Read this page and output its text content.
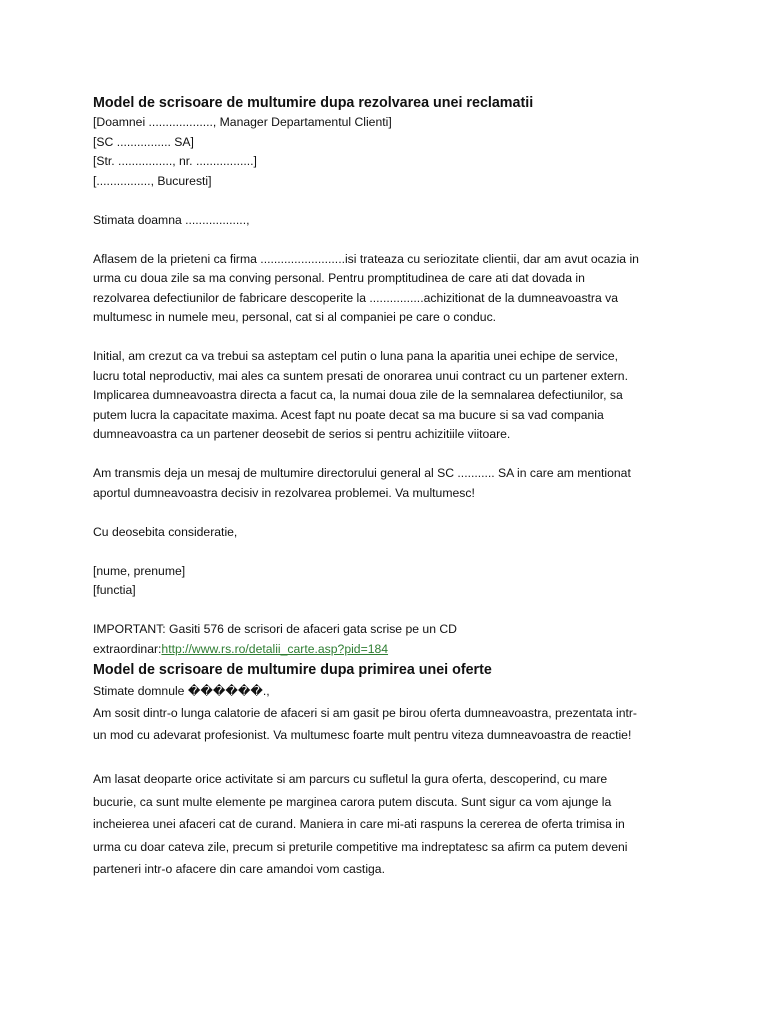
Model de scrisoare de multumire dupa rezolvarea unei reclamatii

[Doamnei ..................., Manager Departamentul Clienti]

[SC ................ SA]

[Str. ................, nr. .................]

[................, Bucuresti]

Stimata doamna ..................,

Aflasem de la prieteni ca firma .........................isi trateaza cu seriozitate clientii, dar am avut ocazia in
urma cu doua zile sa ma conving personal. Pentru promptitudinea de care ati dat dovada in
rezolvarea defectiunilor de fabricare descoperite la ................achizitionat de la dumneavoastra va
multumesc in numele meu, personal, cat si al companiei pe care o conduc.

Initial, am crezut ca va trebui sa asteptam cel putin o luna pana la aparitia unei echipe de service,
lucru total neproductiv, mai ales ca suntem presati de onorarea unui contract cu un partener extern.
Implicarea dumneavoastra directa a facut ca, la numai doua zile de la semnalarea defectiunilor, sa
putem lucra la capacitate maxima. Acest fapt nu poate decat sa ma bucure si sa vad compania
dumneavoastra ca un partener deosebit de serios si pentru achizitiile viitoare.

Am transmis deja un mesaj de multumire directorului general al SC ........... SA in care am mentionat
aportul dumneavoastra decisiv in rezolvarea problemei. Va multumesc!

Cu deosebita consideratie,

[nume, prenume]

[functia]

IMPORTANT: Gasiti 576 de scrisori de afaceri gata scrise pe un CD

extraordinar:http://www.rs.ro/detalii_carte.asp?pid=184

Model de scrisoare de multumire dupa primirea unei oferte

Stimate domnule ������.,

Am sosit dintr-o lunga calatorie de afaceri si am gasit pe birou oferta dumneavoastra, prezentata intr-
un mod cu adevarat profesionist. Va multumesc foarte mult pentru viteza dumneavoastra de reactie!

Am lasat deoparte orice activitate si am parcurs cu sufletul la gura oferta, descoperind, cu mare
bucurie, ca sunt multe elemente pe marginea carora putem discuta. Sunt sigur ca vom ajunge la
incheierea unei afaceri cat de curand. Maniera in care mi-ati raspuns la cererea de oferta trimisa in
urma cu doar cateva zile, precum si preturile competitive ma indreptatesc sa afirm ca putem deveni
parteneri intr-o afacere din care amandoi vom castiga.
